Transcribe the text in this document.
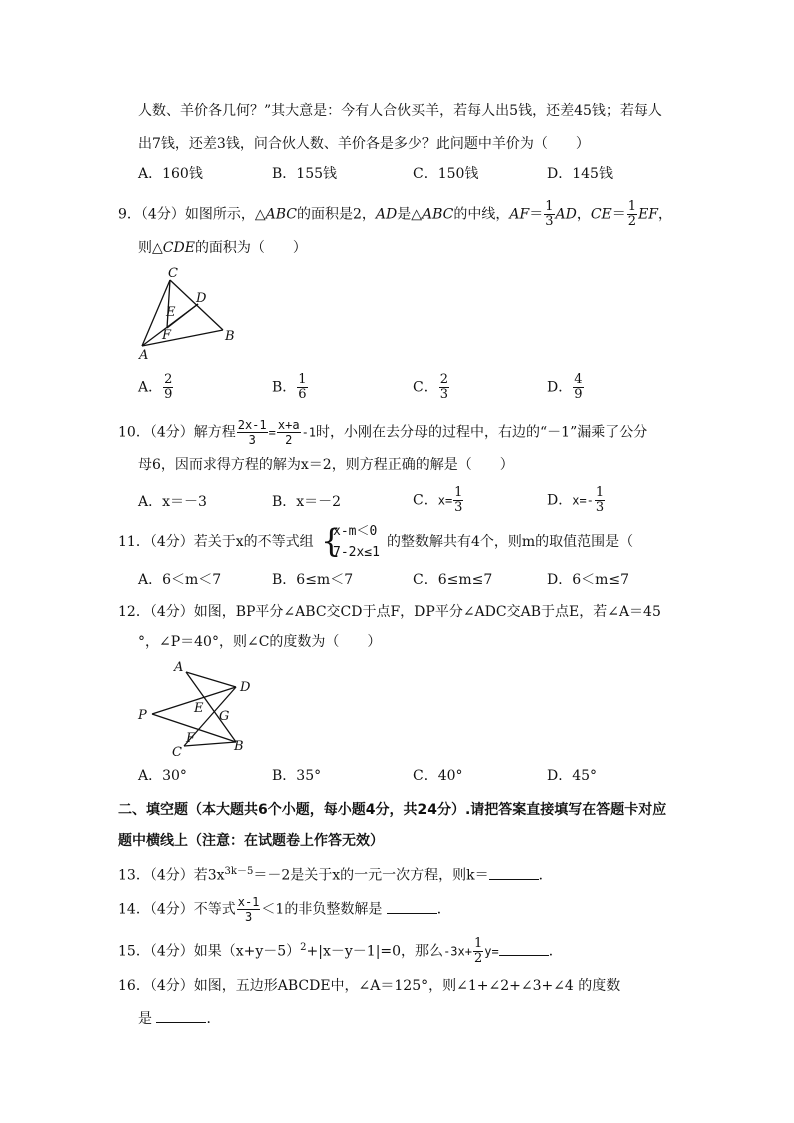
人数、羊价各几何？”其大意是：今有人合伙买羊，若每人出5钱，还差45钱；若每人
出7钱，还差3钱，问合伙人数、羊价各是多少？此问题中羊价为（　　）
A．160钱	B．155钱	C．150钱	D．145钱
9．（4分）如图所示，△ABC的面积是2，AD是△ABC的中线，$AF= \frac{1}{3}$ AD，$CE= \frac{1}{2}$ EF，
则△CDE的面积为（　　）
C
D
E
F	B
A
A． $\frac{2}{9}$	B． $\frac{1}{6}$	C． $\frac{2}{3}$	D． $\frac{4}{9}$
10．（4分）解方程 $\frac{2x-1}{3} = \frac{x+a}{2} -1$时，小刚在去分母的过程中，右边的“－1”漏乘了公分
母6，因而求得方程的解为x＝2，则方程正确的解是（　　）
A．x＝－3	B．x＝－2	C．$x= \frac{1}{3}$	D．$x=- \frac{1}{3}$
11．（4分）若关于x的不等式组 {
x-m＜0
7-2x≤1
的整数解共有4个，则m的取值范围是（
A．6＜m＜7	B．6≤m＜7	C．6≤m≤7	D．6＜m≤7
12．（4分）如图，BP平分∠ABC交CD于点F，DP平分∠ADC交AB于点E，若∠A＝45
°，∠P＝40°，则∠C的度数为（　　）
A
D
P	E
G
F
B
C
A．30°	B．35°	C．40°	D．45°
二、填空题（本大题共6个小题，每小题4分，共24分）.请把答案直接填写在答题卡对应
题中横线上（注意：在试题卷上作答无效）
13．（4分）若$3x^{3k-5}=-2$是关于x的一元一次方程，则k＝	．
14．（4分）不等式 $\frac{x-1}{3} <1$的非负整数解是	．
15．（4分）如果$(x+y-5)^2+|x-y-1|=0$，那么$-3x+ \frac{1}{2} y=$	．
16．（4分）如图，五边形ABCDE中，∠A＝125°，则∠1+∠2+∠3+∠4 的度数
是	．
